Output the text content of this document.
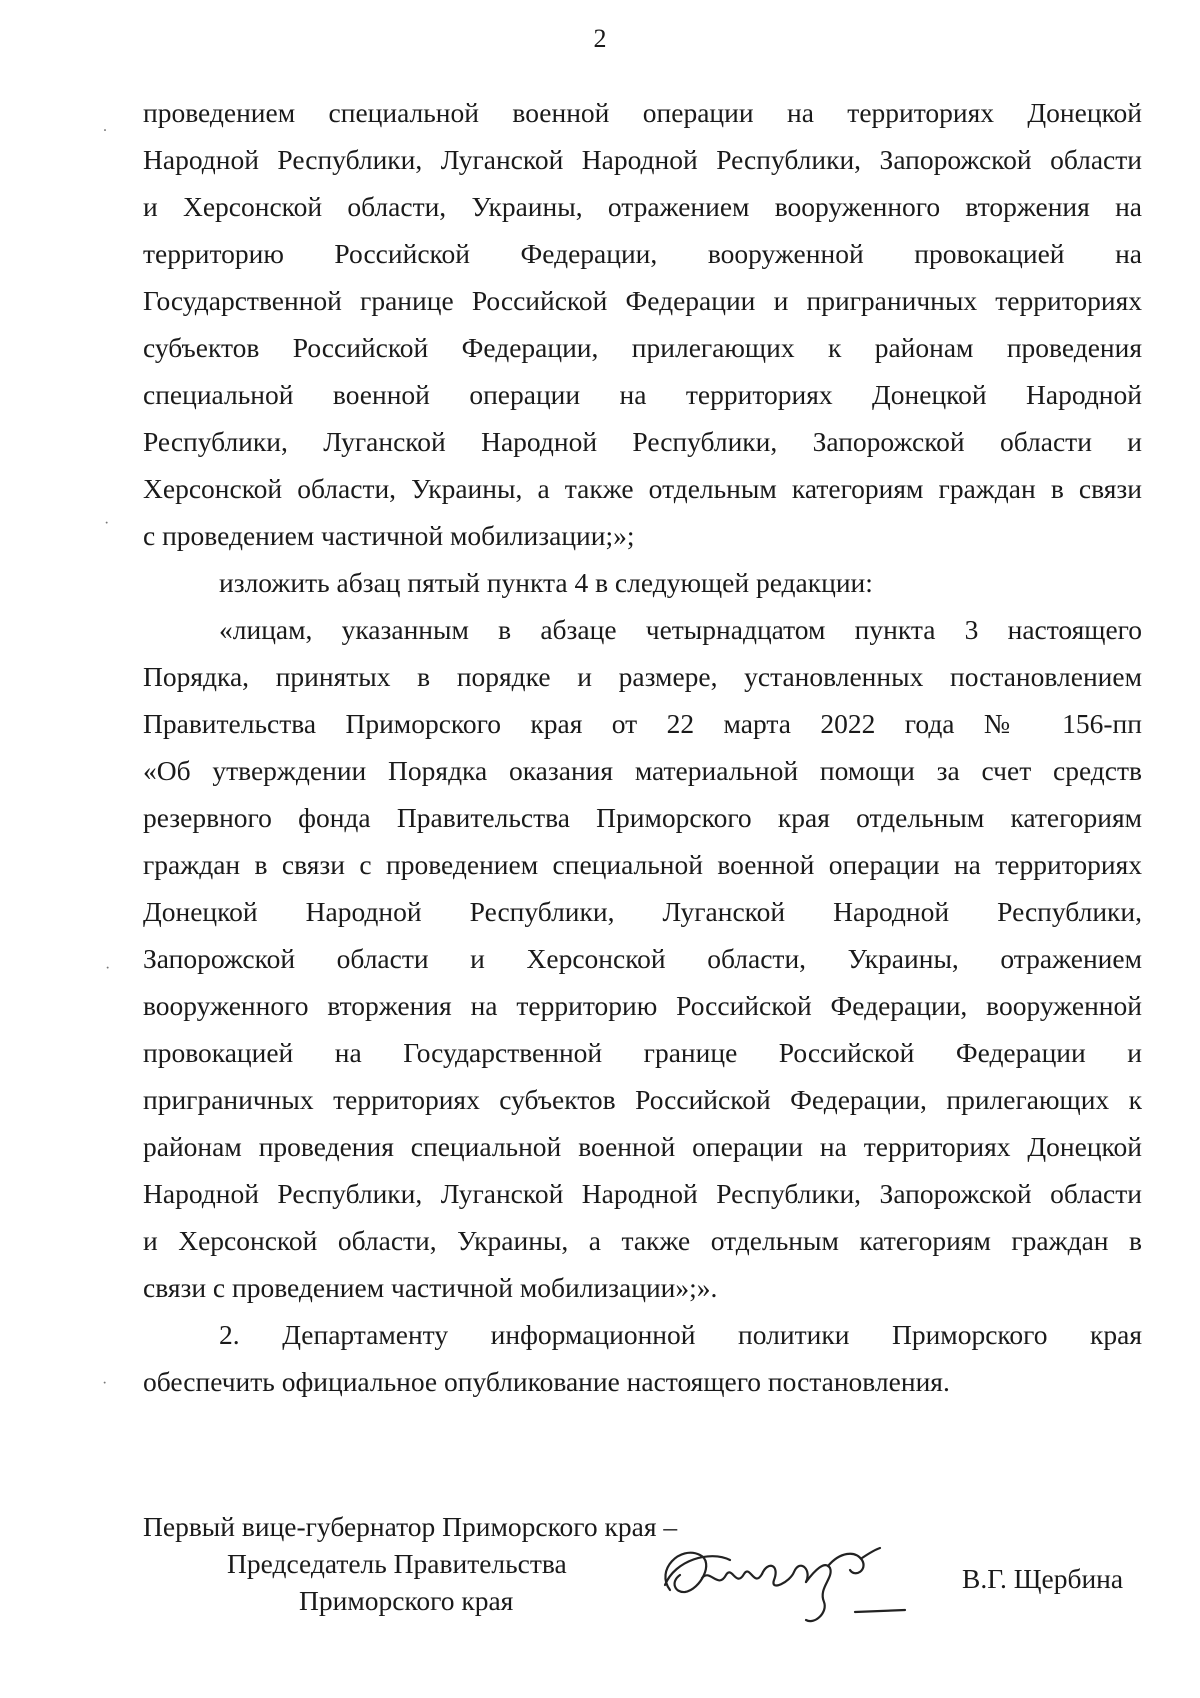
2
.
·
·
·
проведением специальной военной операции на территориях Донецкой
Народной Республики, Луганской Народной Республики, Запорожской области
и Херсонской области, Украины, отражением вооруженного вторжения на
территорию Российской Федерации, вооруженной провокацией на
Государственной границе Российской Федерации и приграничных территориях
субъектов Российской Федерации, прилегающих к районам проведения
специальной военной операции на территориях Донецкой Народной
Республики, Луганской Народной Республики, Запорожской области и
Херсонской области, Украины, а также отдельным категориям граждан в связи
с проведением частичной мобилизации;»;
изложить абзац пятый пункта 4 в следующей редакции:
«лицам, указанным в абзаце четырнадцатом пункта 3 настоящего
Порядка, принятых в порядке и размере, установленных постановлением
Правительства Приморского края от 22 марта 2022 года № 156-пп
«Об утверждении Порядка оказания материальной помощи за счет средств
резервного фонда Правительства Приморского края отдельным категориям
граждан в связи с проведением специальной военной операции на территориях
Донецкой Народной Республики, Луганской Народной Республики,
Запорожской области и Херсонской области, Украины, отражением
вооруженного вторжения на территорию Российской Федерации, вооруженной
провокацией на Государственной границе Российской Федерации и
приграничных территориях субъектов Российской Федерации, прилегающих к
районам проведения специальной военной операции на территориях Донецкой
Народной Республики, Луганской Народной Республики, Запорожской области
и Херсонской области, Украины, а также отдельным категориям граждан в
связи с проведением частичной мобилизации»;».
2. Департаменту информационной политики Приморского края
обеспечить официальное опубликование настоящего постановления.
Первый вице-губернатор Приморского края –
Председатель Правительства
Приморского края
В.Г. Щербина
